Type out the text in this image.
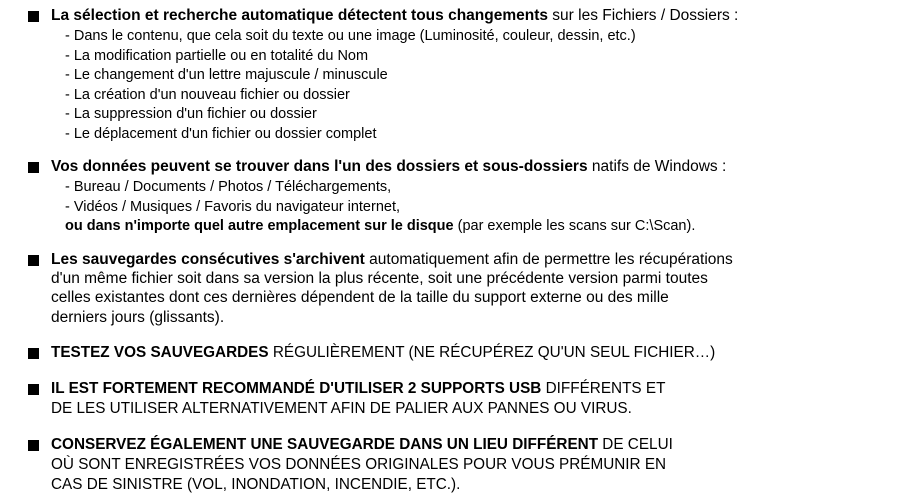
La sélection et recherche automatique détectent tous changements sur les Fichiers / Dossiers :

- Dans le contenu, que cela soit du texte ou une image (Luminosité, couleur, dessin, etc.)

- La modification partielle ou en totalité du Nom

- Le changement d'un lettre majuscule / minuscule

- La création d'un nouveau fichier ou dossier

- La suppression d'un fichier ou dossier

- Le déplacement d'un fichier ou dossier complet

Vos données peuvent se trouver dans l'un des dossiers et sous-dossiers natifs de Windows :

- Bureau / Documents / Photos / Téléchargements,

- Vidéos / Musiques / Favoris du navigateur internet,

ou dans n'importe quel autre emplacement sur le disque (par exemple les scans sur C:\Scan).

Les sauvegardes consécutives s'archivent automatiquement afin de permettre les récupérations

d'un même fichier soit dans sa version la plus récente, soit une précédente version parmi toutes

celles existantes dont ces dernières dépendent de la taille du support externe ou des mille

derniers jours (glissants).

TESTEZ VOS SAUVEGARDES RÉGULIÈREMENT (NE RÉCUPÉREZ QU'UN SEUL FICHIER…)

IL EST FORTEMENT RECOMMANDÉ D'UTILISER 2 SUPPORTS USB DIFFÉRENTS ET

DE LES UTILISER ALTERNATIVEMENT AFIN DE PALIER AUX PANNES OU VIRUS.

CONSERVEZ ÉGALEMENT UNE SAUVEGARDE DANS UN LIEU DIFFÉRENT DE CELUI

OÙ SONT ENREGISTRÉES VOS DONNÉES ORIGINALES POUR VOUS PRÉMUNIR EN

CAS DE SINISTRE (VOL, INONDATION, INCENDIE, ETC.).
